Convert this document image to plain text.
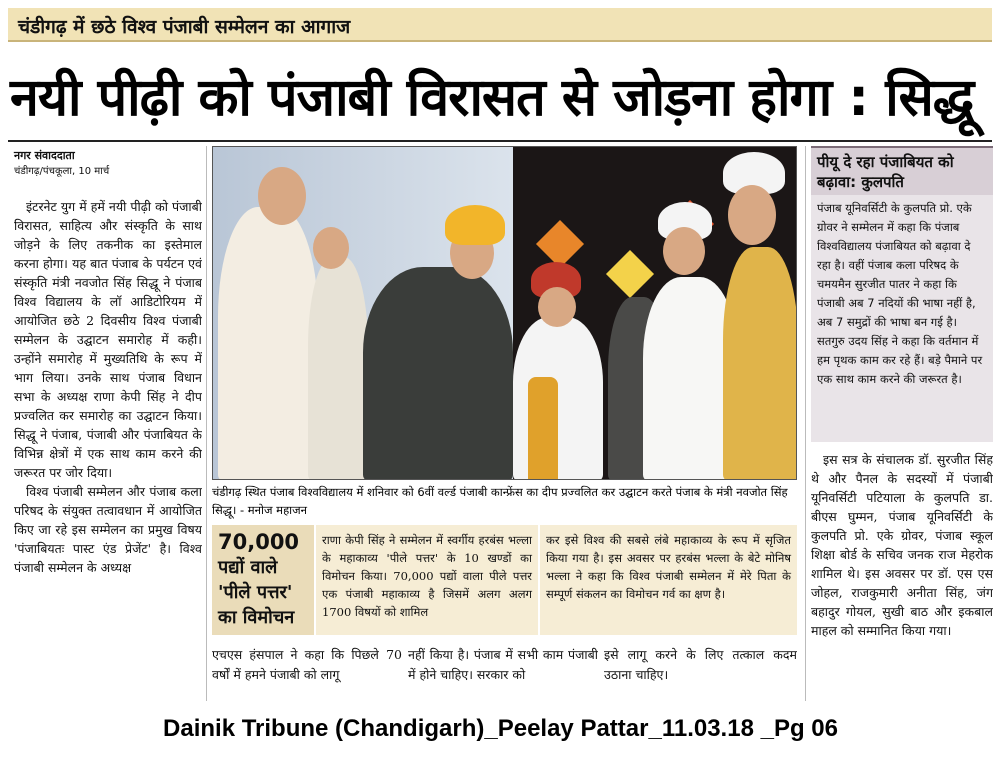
चंडीगढ़ में छठे विश्व पंजाबी सम्मेलन का आगाज
नयी पीढ़ी को पंजाबी विरासत से जोड़ना होगा : सिद्धू
नगर संवाददाता
चंडीगढ़/पंचकूला, 10 मार्च

इंटरनेट युग में हमें नयी पीढ़ी को पंजाबी विरासत, साहित्य और संस्कृति के साथ जोड़ने के लिए तकनीक का इस्तेमाल करना होगा। यह बात पंजाब के पर्यटन एवं संस्कृति मंत्री नवजोत सिंह सिद्धू ने पंजाब विश्व विद्यालय के लॉ आडिटोरियम में आयोजित छठे 2 दिवसीय विश्व पंजाबी सम्मेलन के उद्घाटन समारोह में कही। उन्होंने समारोह में मुख्यतिथि के रूप में भाग लिया। उनके साथ पंजाब विधान सभा के अध्यक्ष राणा केपी सिंह ने दीप प्रज्वलित कर समारोह का उद्घाटन किया। सिद्धू ने पंजाब, पंजाबी और पंजाबियत के विभिन्न क्षेत्रों में एक साथ काम करने की जरूरत पर जोर दिया।

विश्व पंजाबी सम्मेलन और पंजाब कला परिषद के संयुक्त तत्वावधान में आयोजित किए जा रहे इस सम्मेलन का प्रमुख विषय 'पंजाबियतः पास्ट एंड प्रेजेंट' है। विश्व पंजाबी सम्मेलन के अध्यक्ष

चंडीगढ़ स्थित पंजाब विश्वविद्यालय में शनिवार को 6वीं वर्ल्ड पंजाबी कान्फ्रेंस का दीप प्रज्वलित कर उद्घाटन करते पंजाब के मंत्री नवजोत सिंह सिद्धू। - मनोज महाजन
70,000
पद्यों वाले
'पीले पत्तर'
का विमोचन
राणा केपी सिंह ने सम्मेलन में स्वर्गीय हरबंस भल्ला के महाकाव्य 'पीले पत्तर' के 10 खण्डों का विमोचन किया। 70,000 पद्यों वाला पीले पत्तर एक पंजाबी महाकाव्य है जिसमें अलग अलग 1700 विषयों को शामिल
कर इसे विश्व की सबसे लंबे महाकाव्य के रूप में सृजित किया गया है। इस अवसर पर हरबंस भल्ला के बेटे मोनिष भल्ला ने कहा कि विश्व पंजाबी सम्मेलन में मेरे पिता के सम्पूर्ण संकलन का विमोचन गर्व का क्षण है।
एचएस हंसपाल ने कहा कि पिछले 70 वर्षों में हमने पंजाबी को लागू
नहीं किया है। पंजाब में सभी काम पंजाबी में होने चाहिए। सरकार को
इसे लागू करने के लिए तत्काल कदम उठाना चाहिए।
पीयू दे रहा पंजाबियत को बढ़ावा: कुलपति
पंजाब यूनिवर्सिटी के कुलपति प्रो. एके ग्रोवर ने सम्मेलन में कहा कि पंजाब विश्वविद्यालय पंजाबियत को बढ़ावा दे रहा है। वहीं पंजाब कला परिषद के चमयमैन सुरजीत पातर ने कहा कि पंजाबी अब 7 नदियों की भाषा नहीं है, अब 7 समुद्रों की भाषा बन गई है। सतगुरु उदय सिंह ने कहा कि वर्तमान में हम पृथक काम कर रहे हैं। बड़े पैमाने पर एक साथ काम करने की जरूरत है।

इस सत्र के संचालक डॉ. सुरजीत सिंह थे और पैनल के सदस्यों में पंजाबी यूनिवर्सिटी पटियाला के कुलपति डा. बीएस घुम्मन, पंजाब यूनिवर्सिटी के कुलपति प्रो. एके ग्रोवर, पंजाब स्कूल शिक्षा बोर्ड के सचिव जनक राज मेहरोक शामिल थे। इस अवसर पर डॉ. एस एस जोहल, राजकुमारी अनीता सिंह, जंग बहादुर गोयल, सुखी बाठ और इकबाल माहल को सम्मानित किया गया।

Dainik Tribune (Chandigarh)_Peelay Pattar_11.03.18 _Pg 06
